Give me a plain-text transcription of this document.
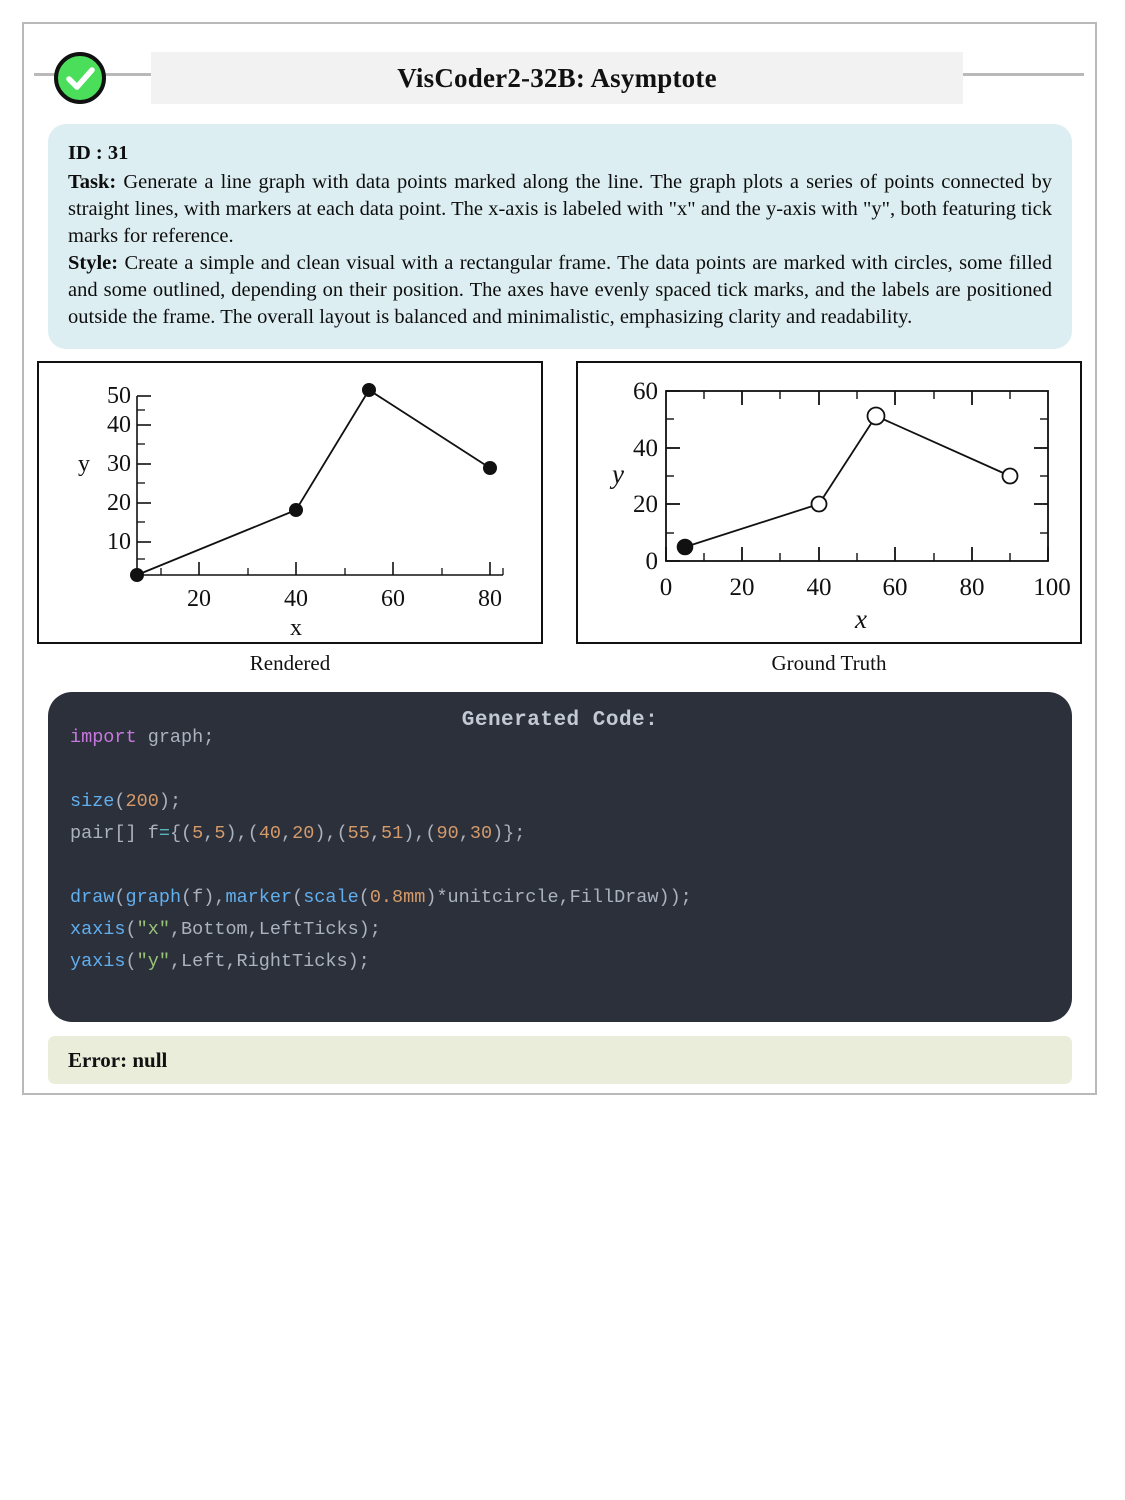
VisCoder2-32B: Asymptote
ID : 31

Task: Generate a line graph with data points marked along the line. The graph plots a series of points connected by straight lines, with markers at each data point. The x-axis is labeled with "x" and the y-axis with "y", both featuring tick marks for reference.

Style: Create a simple and clean visual with a rectangular frame. The data points are marked with circles, some filled and some outlined, depending on their position. The axes have evenly spaced tick marks, and the labels are positioned outside the frame. The overall layout is balanced and minimalistic, emphasizing clarity and readability.

50
40
30
20
10
y
20	40	60	80
x
60
40
20
0
y
0 20 40 60 80 100
x
Rendered	Ground Truth
Generated Code:
import graph;

size(200);
pair[] f={(5,5),(40,20),(55,51),(90,30)};

draw(graph(f),marker(scale(0.8mm)*unitcircle,FillDraw));
xaxis("x",Bottom,LeftTicks);
yaxis("y",Left,RightTicks);
Error: null
